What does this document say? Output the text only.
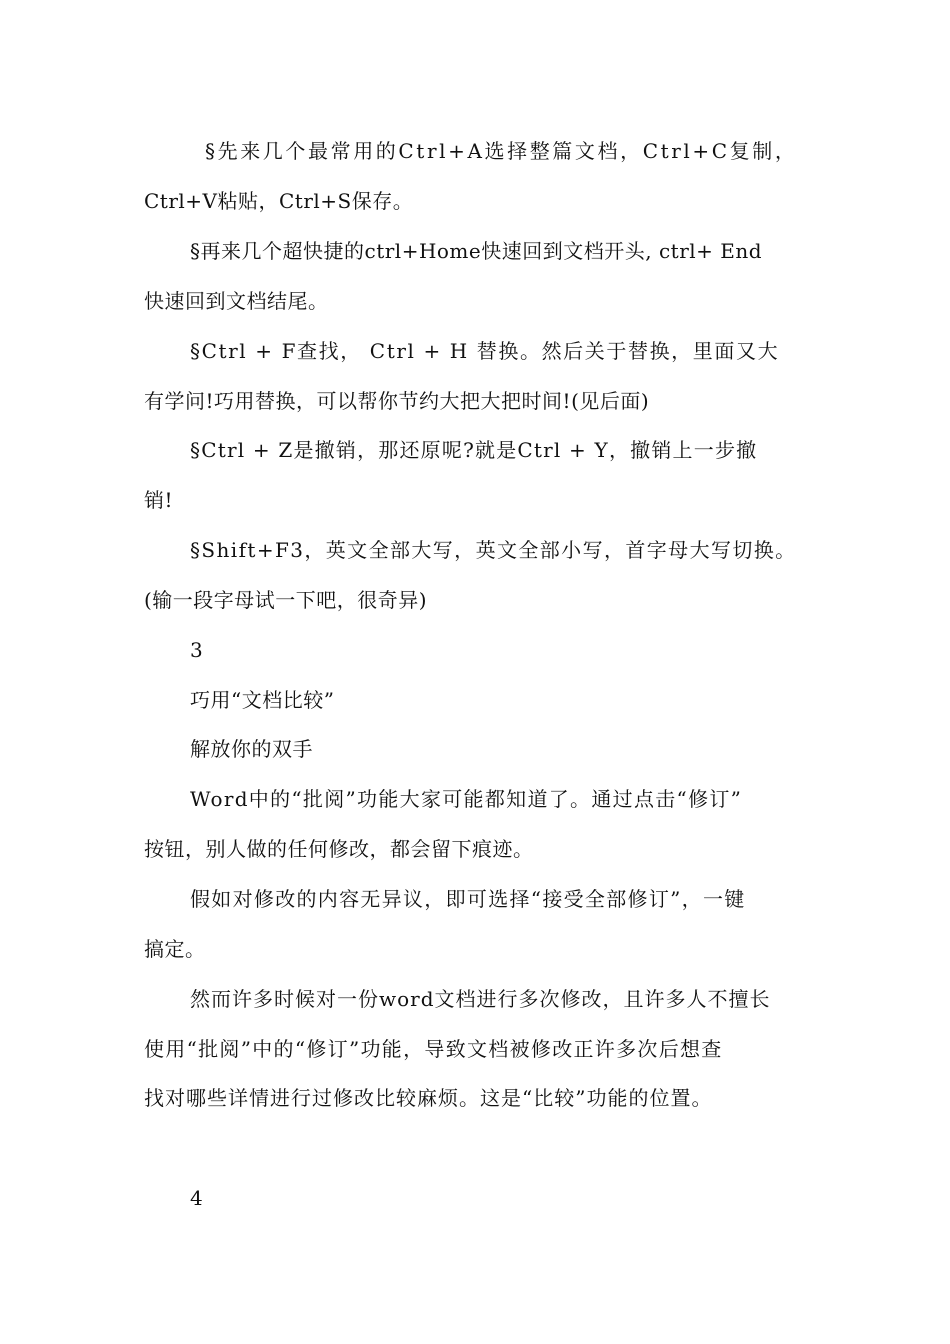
§先来几个最常用的Ctrl+A选择整篇文档，Ctrl+C复制，
Ctrl+V粘贴，Ctrl+S保存。
§再来几个超快捷的ctrl+Home快速回到文档开头, ctrl+ End
快速回到文档结尾。
§Ctrl + F查找， Ctrl + H 替换。然后关于替换，里面又大
有学问!巧用替换，可以帮你节约大把大把时间!(见后面)
§Ctrl + Z是撤销，那还原呢?就是Ctrl + Y，撤销上一步撤
销!
§Shift+F3，英文全部大写，英文全部小写，首字母大写切换。
(输一段字母试一下吧，很奇异)
3
巧用“文档比较”
解放你的双手
Word中的“批阅”功能大家可能都知道了。通过点击“修订”
按钮，别人做的任何修改，都会留下痕迹。
假如对修改的内容无异议，即可选择“接受全部修订”，一键
搞定。
然而许多时候对一份word文档进行多次修改，且许多人不擅长
使用“批阅”中的“修订”功能，导致文档被修改正许多次后想查
找对哪些详情进行过修改比较麻烦。这是“比较”功能的位置。
4
